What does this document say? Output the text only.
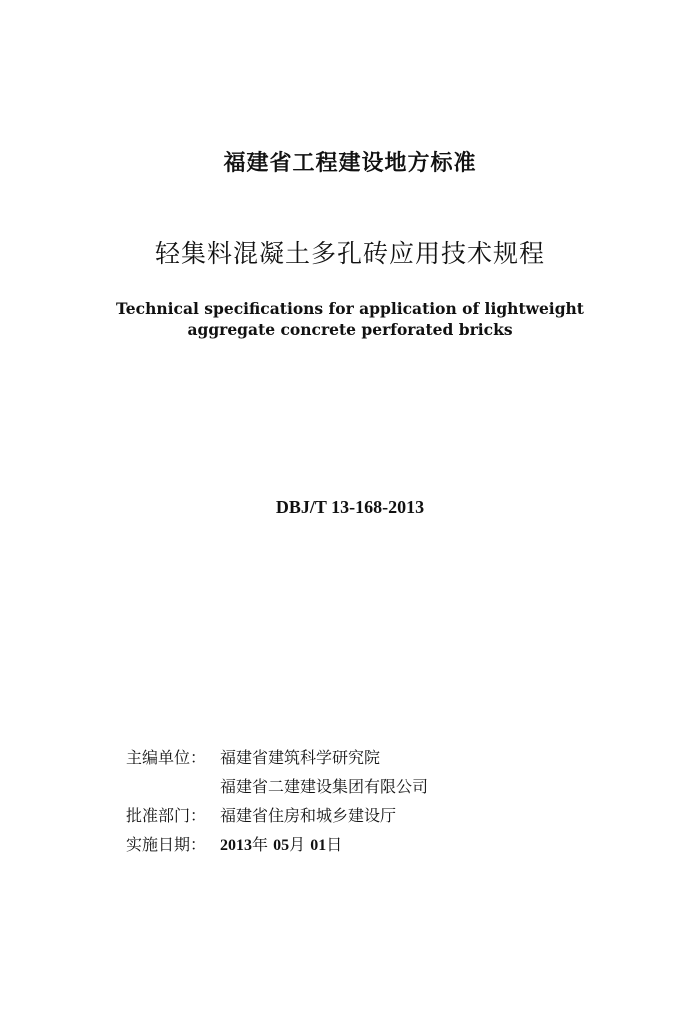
福建省工程建设地方标准
轻集料混凝土多孔砖应用技术规程
Technical specifications for application of lightweight
aggregate concrete perforated bricks
DBJ/T 13-168-2013
主编单位： 福建省建筑科学研究院
福建省二建建设集团有限公司
批准部门： 福建省住房和城乡建设厅
实施日期： 2013年 05月 01日
